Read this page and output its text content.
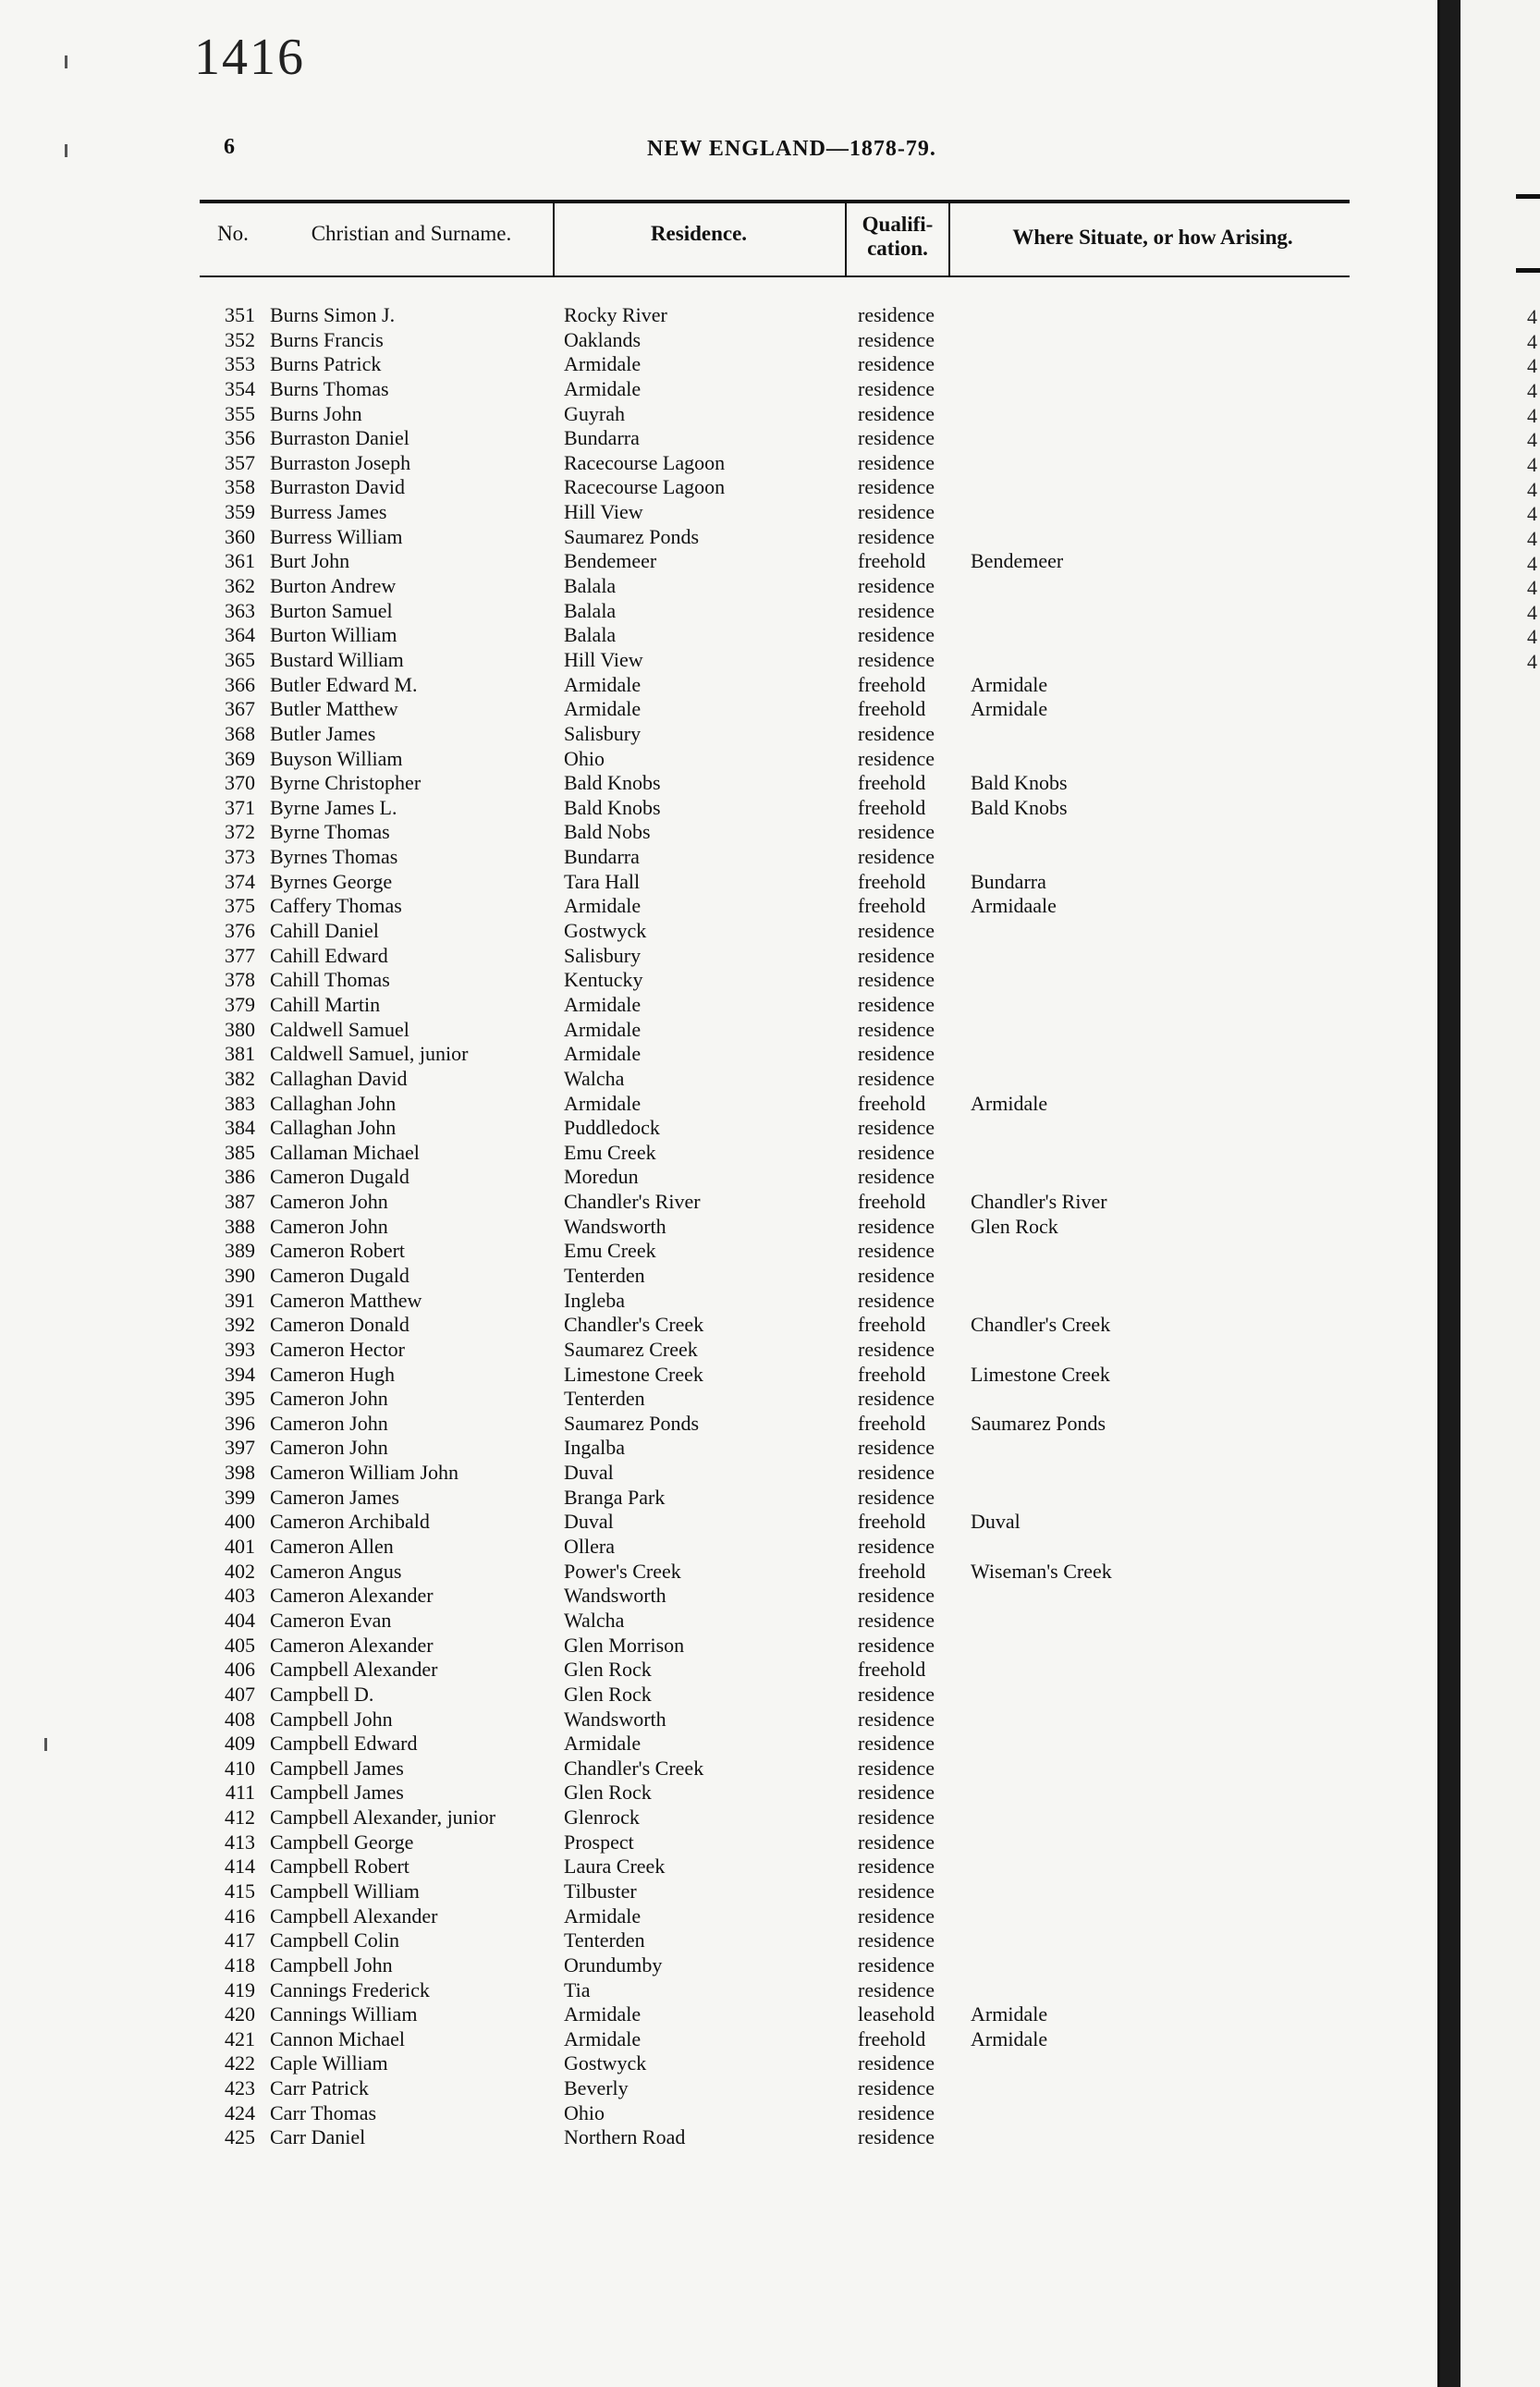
1416
6	NEW ENGLAND—1878-79.
No.	Christian and Surname.	Residence.	Qualifi-
cation.	Where Situate, or how Arising.
351 Burns Simon J.	Rocky River	residence
352 Burns Francis	Oaklands	residence
353 Burns Patrick	Armidale	residence
354 Burns Thomas	Armidale	residence
355 Burns John	Guyrah	residence
356 Burraston Daniel	Bundarra	residence
357 Burraston Joseph	Racecourse Lagoon	residence
358 Burraston David	Racecourse Lagoon	residence
359 Burress James	Hill View	residence
360 Burress William	Saumarez Ponds	residence
361 Burt John	Bendemeer	freehold Bendemeer
362 Burton Andrew	Balala	residence
363 Burton Samuel	Balala	residence
364 Burton William	Balala	residence
365 Bustard William	Hill View	residence
366 Butler Edward M.	Armidale	freehold Armidale
367 Butler Matthew	Armidale	freehold Armidale
368 Butler James	Salisbury	residence
369 Buyson William	Ohio	residence
370 Byrne Christopher	Bald Knobs	freehold Bald Knobs
371 Byrne James L.	Bald Knobs	freehold Bald Knobs
372 Byrne Thomas	Bald Nobs	residence
373 Byrnes Thomas	Bundarra	residence
374 Byrnes George	Tara Hall	freehold Bundarra
375 Caffery Thomas	Armidale	freehold Armidaale
376 Cahill Daniel	Gostwyck	residence
377 Cahill Edward	Salisbury	residence
378 Cahill Thomas	Kentucky	residence
379 Cahill Martin	Armidale	residence
380 Caldwell Samuel	Armidale	residence
381 Caldwell Samuel, junior	Armidale	residence
382 Callaghan David	Walcha	residence
383 Callaghan John	Armidale	freehold Armidale
384 Callaghan John	Puddledock	residence
385 Callaman Michael	Emu Creek	residence
386 Cameron Dugald	Moredun	residence
387 Cameron John	Chandler's River	freehold Chandler's River
388 Cameron John	Wandsworth	residence Glen Rock
389 Cameron Robert	Emu Creek	residence
390 Cameron Dugald	Tenterden	residence
391 Cameron Matthew	Ingleba	residence
392 Cameron Donald	Chandler's Creek	freehold Chandler's Creek
393 Cameron Hector	Saumarez Creek	residence
394 Cameron Hugh	Limestone Creek	freehold Limestone Creek
395 Cameron John	Tenterden	residence
396 Cameron John	Saumarez Ponds	freehold Saumarez Ponds
397 Cameron John	Ingalba	residence
398 Cameron William John	Duval	residence
399 Cameron James	Branga Park	residence
400 Cameron Archibald	Duval	freehold Duval
401 Cameron Allen	Ollera	residence
402 Cameron Angus	Power's Creek	freehold Wiseman's Creek
403 Cameron Alexander	Wandsworth	residence
404 Cameron Evan	Walcha	residence
405 Cameron Alexander	Glen Morrison	residence
406 Campbell Alexander	Glen Rock	freehold
407 Campbell D.	Glen Rock	residence
408 Campbell John	Wandsworth	residence
409 Campbell Edward	Armidale	residence
410 Campbell James	Chandler's Creek	residence
411 Campbell James	Glen Rock	residence
412 Campbell Alexander, junior	Glenrock	residence
413 Campbell George	Prospect	residence
414 Campbell Robert	Laura Creek	residence
415 Campbell William	Tilbuster	residence
416 Campbell Alexander	Armidale	residence
417 Campbell Colin	Tenterden	residence
418 Campbell John	Orundumby	residence
419 Cannings Frederick	Tia	residence
420 Cannings William	Armidale	leasehold Armidale
421 Cannon Michael	Armidale	freehold Armidale
422 Caple William	Gostwyck	residence
423 Carr Patrick	Beverly	residence
424 Carr Thomas	Ohio	residence
425 Carr Daniel	Northern Road	residence
4
4
4
4
4
4
4
4
4
4
4
4
4
4
4
